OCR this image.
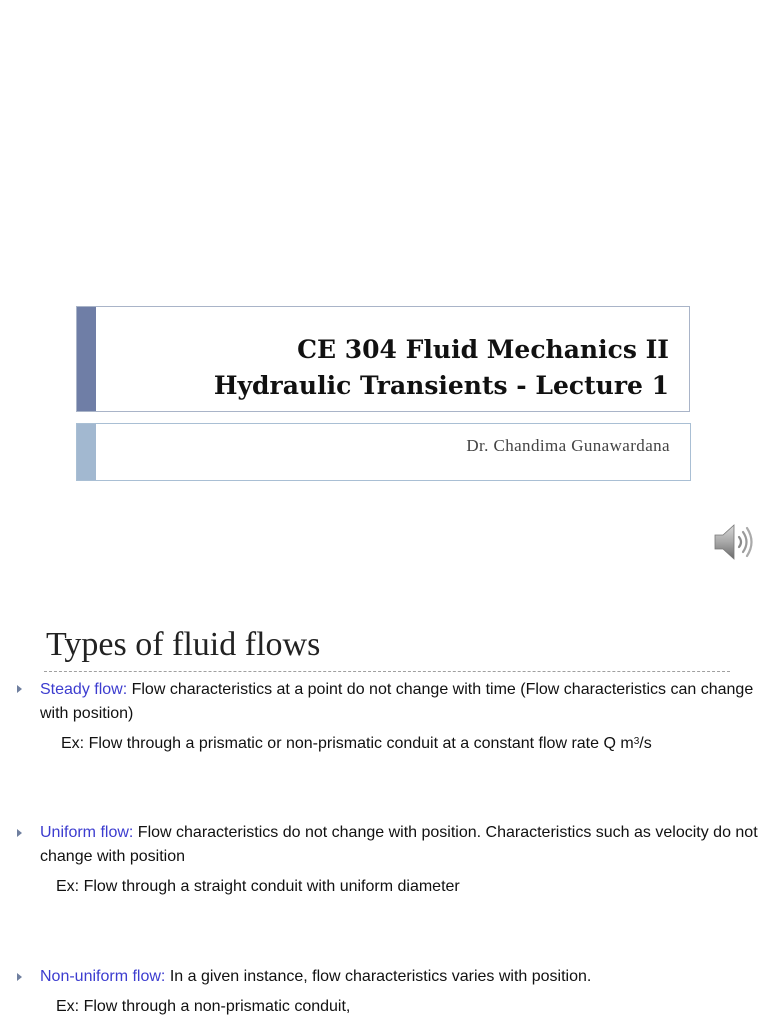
CE 304 Fluid Mechanics II
Hydraulic Transients - Lecture 1
Dr. Chandima Gunawardana
Types of fluid flows
Steady flow: Flow characteristics at a point do not change with time (Flow characteristics can change with position)
Ex: Flow through a prismatic or non-prismatic conduit at a constant flow rate Q $m^3/s$
Uniform flow: Flow characteristics do not change with position. Characteristics such as velocity do not change with position
Ex: Flow through a straight conduit with uniform diameter
Non-uniform flow: In a given instance, flow characteristics varies with position.
Ex: Flow through a non-prismatic conduit,
